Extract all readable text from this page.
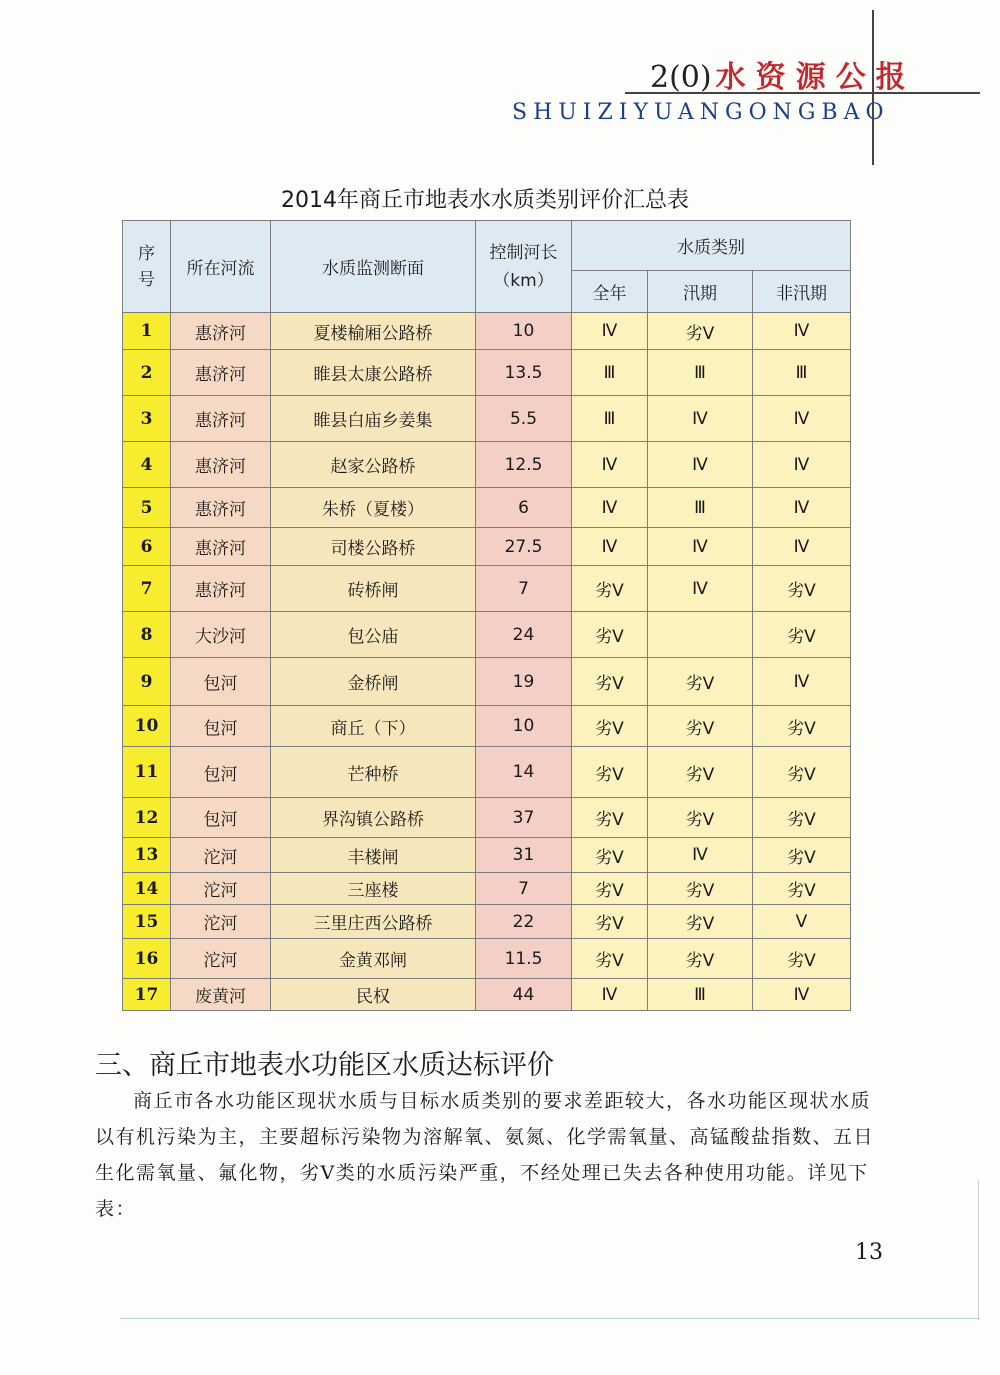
2(0) 水资源公报
SHUIZIYUANGONGBAO
2014年商丘市地表水水质类别评价汇总表
序号	所在河流	水质监测断面	控制河长（km）	水质类别		
				全年	汛期	非汛期
1	惠济河	夏楼榆厢公路桥	10	Ⅳ	劣Ⅴ	Ⅳ
2	惠济河	睢县太康公路桥	13.5	Ⅲ	Ⅲ	Ⅲ
3	惠济河	睢县白庙乡姜集	5.5	Ⅲ	Ⅳ	Ⅳ
4	惠济河	赵家公路桥	12.5	Ⅳ	Ⅳ	Ⅳ
5	惠济河	朱桥（夏楼）	6	Ⅳ	Ⅲ	Ⅳ
6	惠济河	司楼公路桥	27.5	Ⅳ	Ⅳ	Ⅳ
7	惠济河	砖桥闸	7	劣Ⅴ	Ⅳ	劣Ⅴ
8	大沙河	包公庙	24	劣Ⅴ		劣Ⅴ
9	包河	金桥闸	19	劣Ⅴ	劣Ⅴ	Ⅳ
10	包河	商丘（下）	10	劣Ⅴ	劣Ⅴ	劣Ⅴ
11	包河	芒种桥	14	劣Ⅴ	劣Ⅴ	劣Ⅴ
12	包河	界沟镇公路桥	37	劣Ⅴ	劣Ⅴ	劣Ⅴ
13	沱河	丰楼闸	31	劣Ⅴ	Ⅳ	劣Ⅴ
14	沱河	三座楼	7	劣Ⅴ	劣Ⅴ	劣Ⅴ
15	沱河	三里庄西公路桥	22	劣Ⅴ	劣Ⅴ	Ⅴ
16	沱河	金黄邓闸	11.5	劣Ⅴ	劣Ⅴ	劣Ⅴ
17	废黄河	民权	44	Ⅳ	Ⅲ	Ⅳ
三、商丘市地表水功能区水质达标评价
商丘市各水功能区现状水质与目标水质类别的要求差距较大，各水功能区现状水质以有机污染为主，主要超标污染物为溶解氧、氨氮、化学需氧量、高锰酸盐指数、五日生化需氧量、氟化物，劣Ⅴ类的水质污染严重，不经处理已失去各种使用功能。详见下表：
13
